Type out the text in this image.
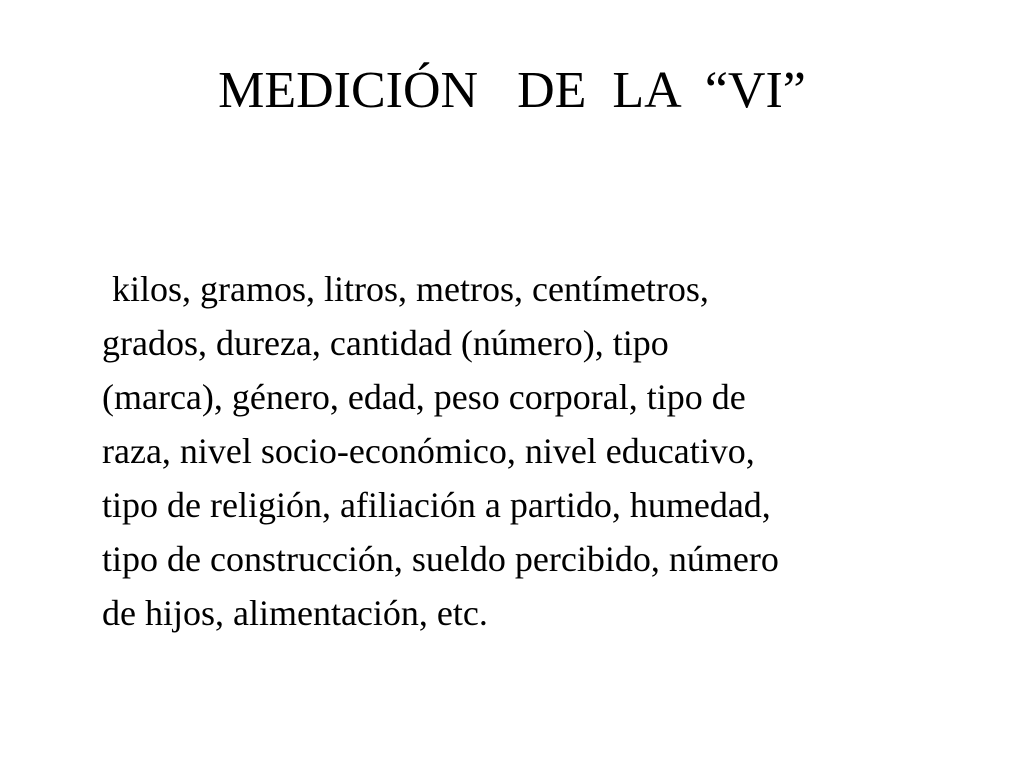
MEDICIÓN   DE  LA  “VI”
kilos, gramos, litros, metros, centímetros,
grados, dureza, cantidad (número), tipo
(marca), género, edad, peso corporal, tipo de
raza, nivel socio-económico, nivel educativo,
tipo de religión, afiliación a partido, humedad,
tipo de construcción, sueldo percibido, número
de hijos, alimentación, etc.
